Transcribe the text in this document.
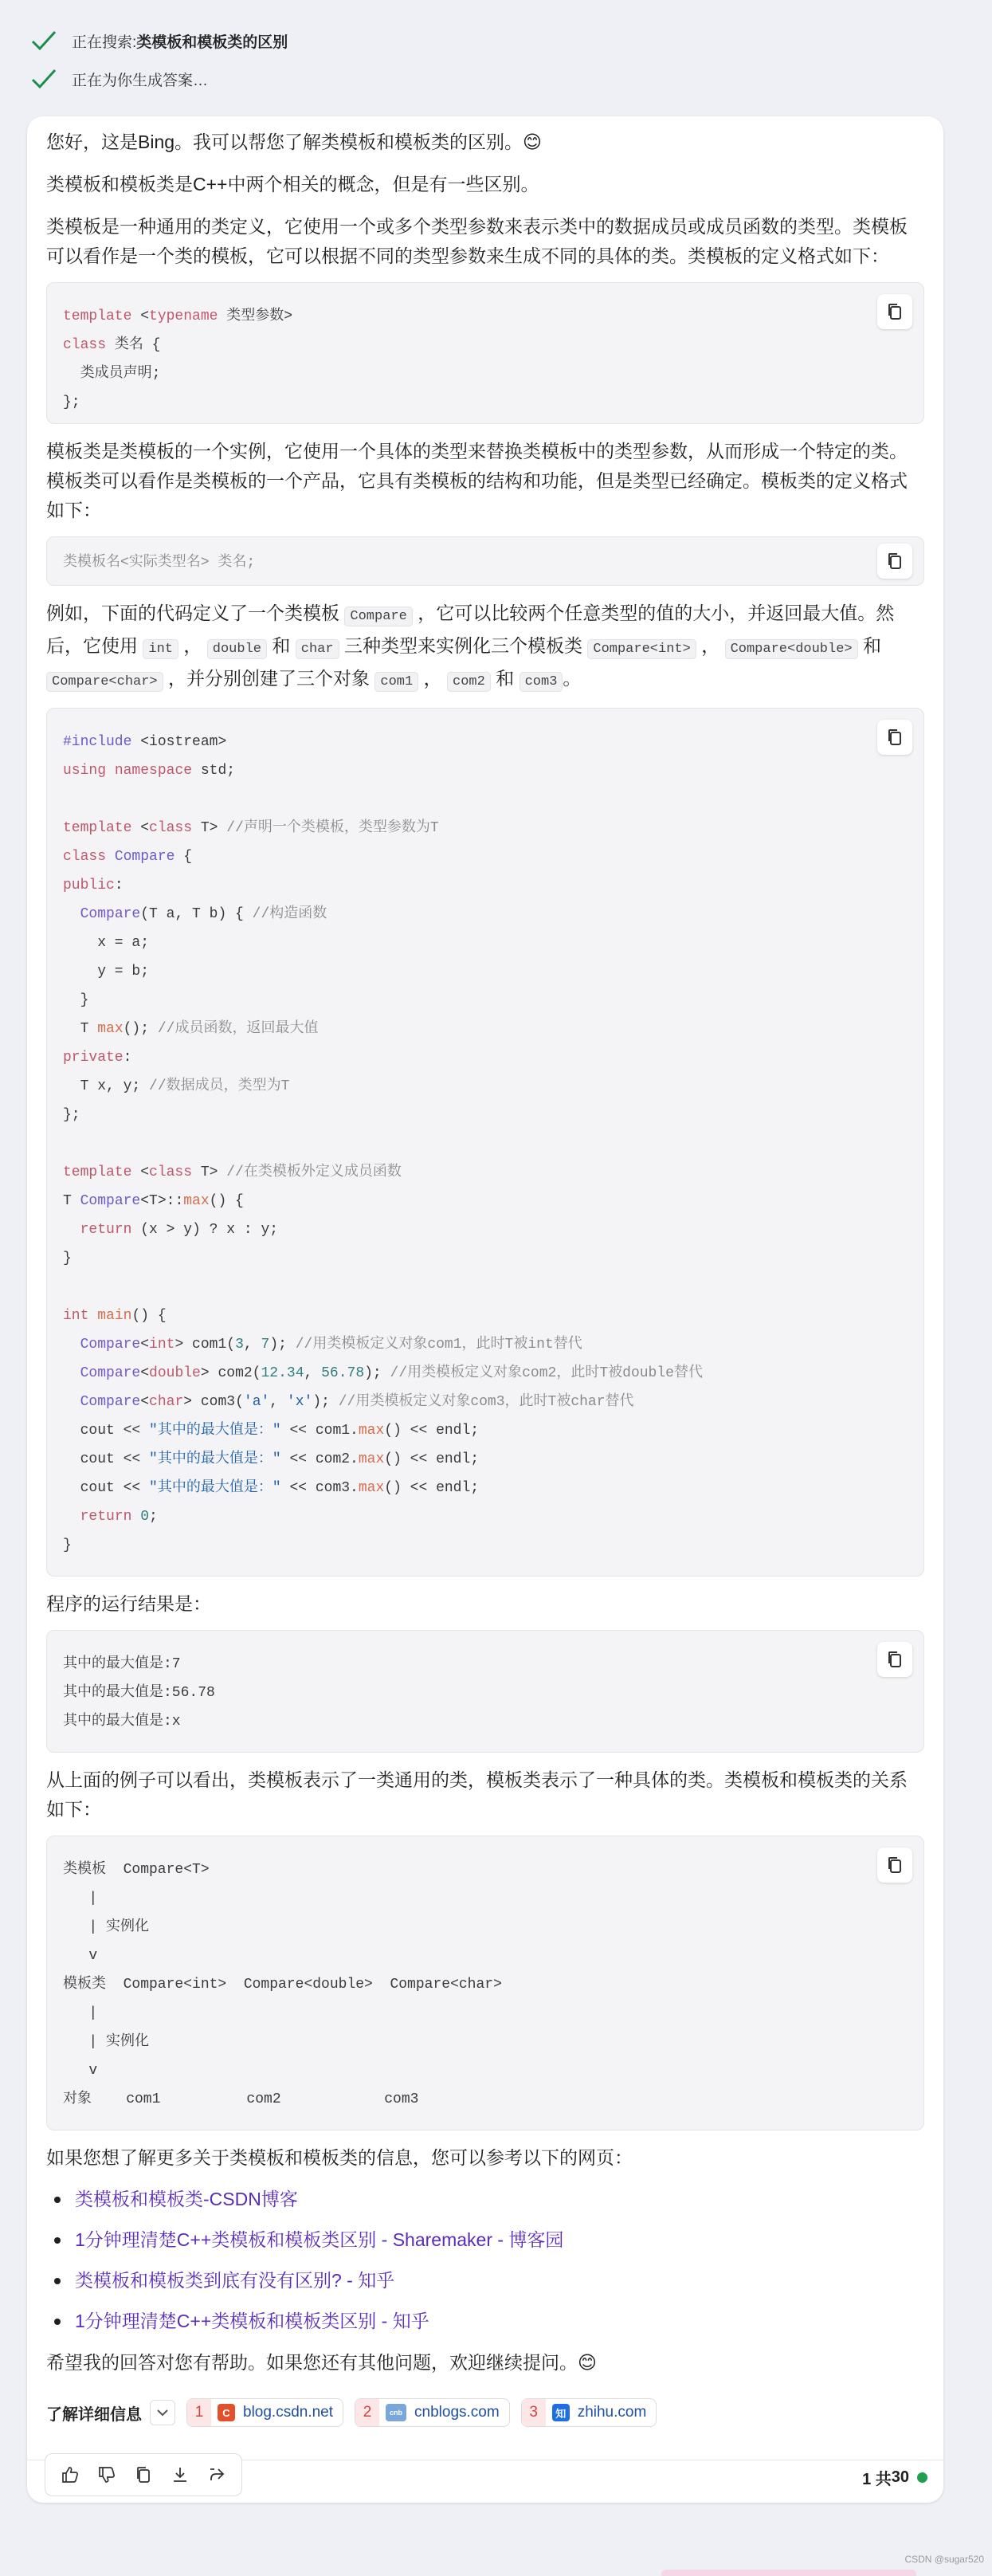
正在搜索: 类模板和模板类的区别
正在为你生成答案…

您好，这是Bing。我可以帮您了解类模板和模板类的区别。😊

类模板和模板类是C++中两个相关的概念，但是有一些区别。

类模板是一种通用的类定义，它使用一个或多个类型参数来表示类中的数据成员或成员函数的类型。类模板可以看作是一个类的模板，它可以根据不同的类型参数来生成不同的具体的类。类模板的定义格式如下：

template <typename 类型参数>
class 类名 {
类成员声明;
};

模板类是类模板的一个实例，它使用一个具体的类型来替换类模板中的类型参数，从而形成一个特定的类。模板类可以看作是类模板的一个产品，它具有类模板的结构和功能，但是类型已经确定。模板类的定义格式如下：

类模板名<实际类型名> 类名;

例如，下面的代码定义了一个类模板 Compare ，它可以比较两个任意类型的值的大小，并返回最大值。然后，它使用 int ， double 和 char 三种类型来实例化三个模板类 Compare<int> ， Compare<double> 和 Compare<char> ，并分别创建了三个对象 com1 ， com2 和 com3 。

#include <iostream>
using namespace std;
template <class T> //声明一个类模板，类型参数为T
class Compare {
public:
Compare(T a, T b) { //构造函数
x = a;
y = b;
}
T max(); //成员函数，返回最大值
private:
T x, y; //数据成员，类型为T
};
template <class T> //在类模板外定义成员函数
T Compare<T>::max() {
return (x > y) ? x : y;
}
int main() {
Compare<int> com1(3, 7); //用类模板定义对象com1，此时T被int替代
Compare<double> com2(12.34, 56.78); //用类模板定义对象com2，此时T被double替代
Compare<char> com3('a', 'x'); //用类模板定义对象com3，此时T被char替代
cout << "其中的最大值是：" << com1.max() << endl;
cout << "其中的最大值是：" << com2.max() << endl;
cout << "其中的最大值是：" << com3.max() << endl;
return 0;
}

程序的运行结果是：

其中的最大值是:7
其中的最大值是:56.78
其中的最大值是:x

从上面的例子可以看出，类模板表示了一类通用的类，模板类表示了一种具体的类。类模板和模板类的关系如下：

类模板  Compare<T>
|
| 实例化
v
模板类  Compare<int>  Compare<double>  Compare<char>
|
| 实例化
v
对象    com1          com2            com3

如果您想了解更多关于类模板和模板类的信息，您可以参考以下的网页：

类模板和模板类-CSDN博客
1分钟理清楚C++类模板和模板类区别 - Sharemaker - 博客园
类模板和模板类到底有没有区别? - 知乎
1分钟理清楚C++类模板和模板类区别 - 知乎

希望我的回答对您有帮助。如果您还有其他问题，欢迎继续提问。😊

了解详细信息	1	C blog.csdn.net	2	cnb cnblogs.com	3	知 zhihu.com
1 共 30
CSDN @sugar520
